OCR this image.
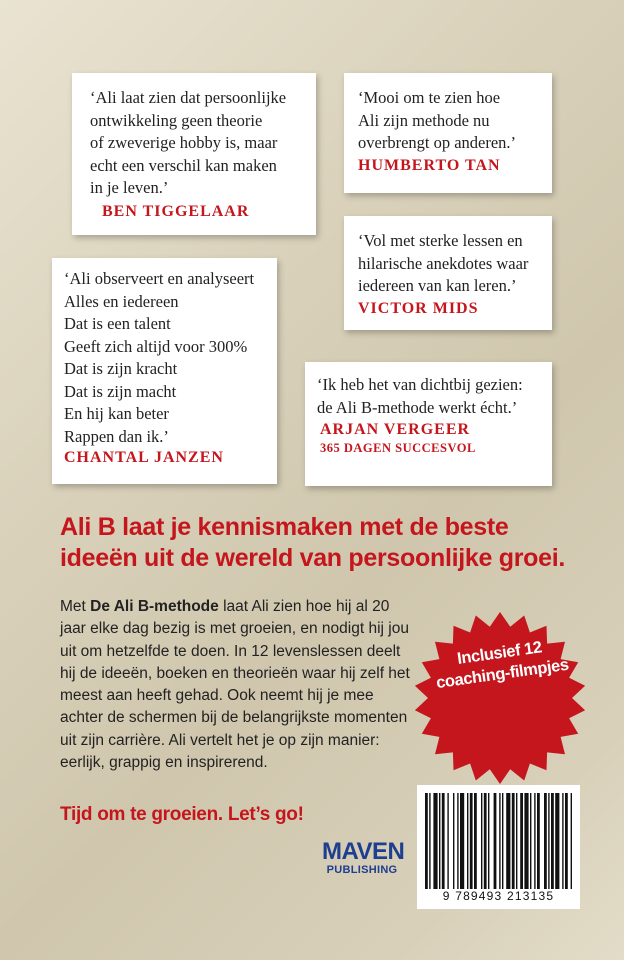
‘Ali laat zien dat persoonlijke
ontwikkeling geen theorie
of zweverige hobby is, maar
echt een verschil kan maken
in je leven.’

BEN TIGGELAAR

‘Mooi om te zien hoe
Ali zijn methode nu
overbrengt op anderen.’

HUMBERTO TAN

‘Vol met sterke lessen en
hilarische anekdotes waar
iedereen van kan leren.’

VICTOR MIDS

‘Ali observeert en analyseert
Alles en iedereen
Dat is een talent
Geeft zich altijd voor 300%
Dat is zijn kracht
Dat is zijn macht
En hij kan beter
Rappen dan ik.’

CHANTAL JANZEN

‘Ik heb het van dichtbij gezien:
de Ali B-methode werkt écht.’

ARJAN VERGEER

365 DAGEN SUCCESVOL

Ali B laat je kennismaken met de beste ideeën uit de wereld van persoonlijke groei.

Met De Ali B-methode laat Ali zien hoe hij al 20 jaar elke dag bezig is met groeien, en nodigt hij jou uit om hetzelfde te doen. In 12 levenslessen deelt hij de ideeën, boeken en theorieën waar hij zelf het meest aan heeft gehad. Ook neemt hij je mee achter de schermen bij de belangrijkste momenten uit zijn carrière. Ali vertelt het je op zijn manier: eerlijk, grappig en inspirerend.

Tijd om te groeien. Let’s go!

Inclusief 12 coaching-filmpjes
MAVEN
PUBLISHING
9 789493 213135
